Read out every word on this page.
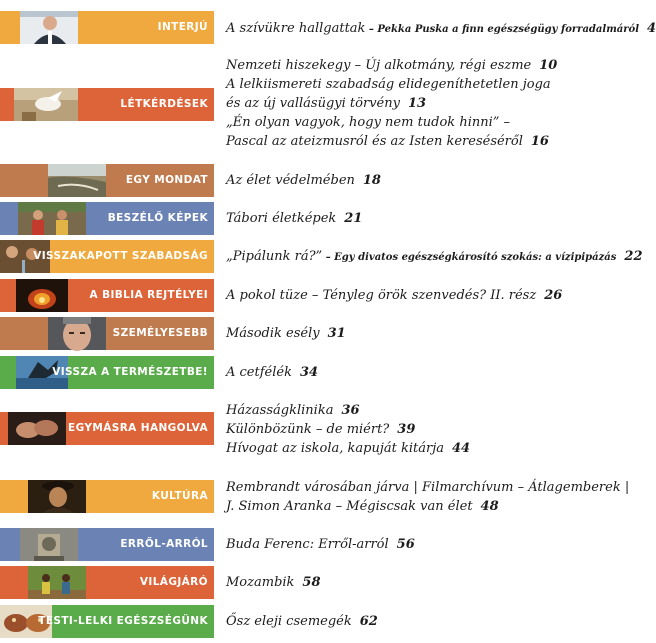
INTERJÚ A szívükre hallgattak – Pekka Puska a finn egészségügy forradalmáról 4
LÉTKÉRDÉSEK
Nemzeti hiszekegy – Új alkotmány, régi eszme 10
A lelkiismereti szabadság elidegeníthetetlen joga
és az új vallásügyi törvény 13
„Én olyan vagyok, hogy nem tudok hinni” –
Pascal az ateizmusról és az Isten kereséséről 16
EGY MONDAT Az élet védelmében 18
BESZÉLŐ KÉPEK Tábori életképek 21
VISSZAKAPOTT SZABADSÁG „Pipálunk rá?” – Egy divatos egészségkárosító szokás: a vízipipázás 22
A BIBLIA REJTÉLYEI A pokol tüze – Tényleg örök szenvedés? II. rész 26
SZEMÉLYESEBB Második esély 31
VISSZA A TERMÉSZETBE! A cetfélék 34
EGYMÁSRA HANGOLVA
Házasságklinika 36
Különbözünk – de miért? 39
Hívogat az iskola, kapuját kitárja 44
KULTÚRA
Rembrandt városában járva | Filmarchívum – Átlagemberek |
J. Simon Aranka – Mégiscsak van élet 48
ERRŐL-ARRÓL Buda Ferenc: Erről-arról 56
VILÁGJÁRÓ Mozambik 58
TESTI-LELKI EGÉSZSÉGÜNK Ősz eleji csemegék 62
